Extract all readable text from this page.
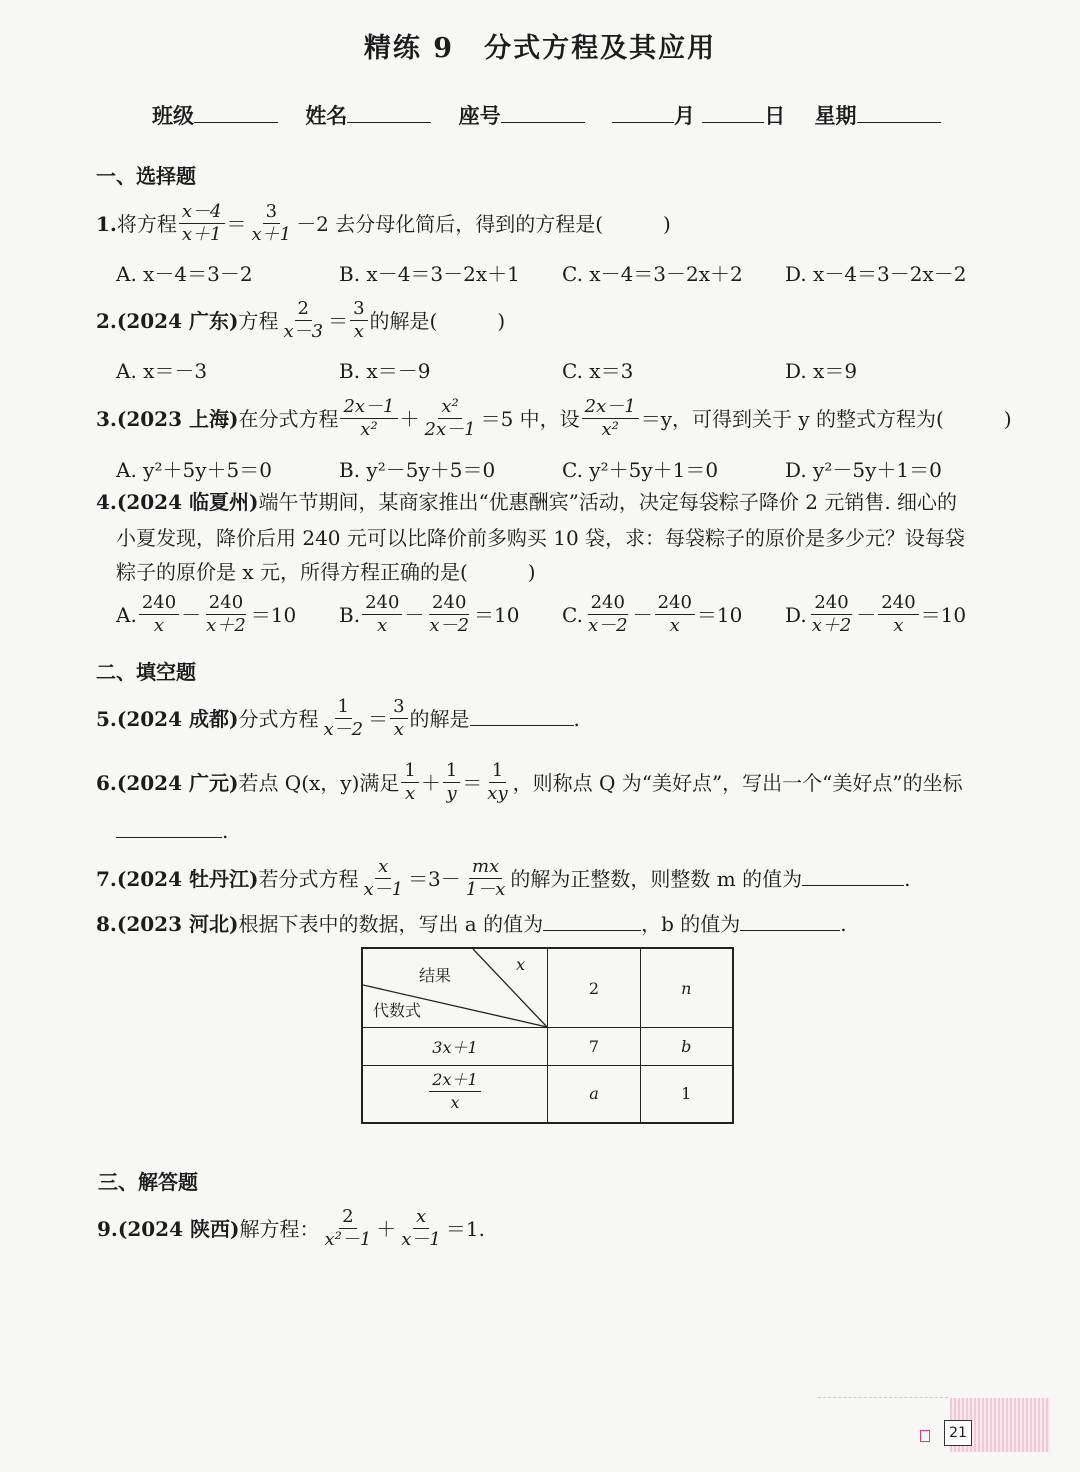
精练 9 分式方程及其应用
班级	姓名	座号	月	日 星期
一、选择题
1.将方程 $\frac{x-4}{x+1} = \frac{3}{x+1} -2$ 去分母化简后，得到的方程是(　　　)
A. x－4＝3－2	B. x－4＝3－2x＋1 C. x－4＝3－2x＋2 D. x－4＝3－2x－2
2.(2024 广东)方程 $\frac{2}{x-3} = \frac{3}{x}$ 的解是(　　　)
A. x＝－3	B. x＝－9	C. x＝3	D. x＝9
3.(2023 上海)在分式方程 $\frac{2x-1}{\text{x²}} + \frac{\text{x²}}{2x-1} =5$ 中，设 $\frac{2x-1}{\text{x²}} =y$，可得到关于 y 的整式方程为(　　　)
A. y²＋5y＋5＝0	B. y²－5y＋5＝0	C. y²＋5y＋1＝0	D. y²－5y＋1＝0
4.(2024 临夏州)端午节期间，某商家推出“优惠酬宾”活动，决定每袋粽子降价 2 元销售. 细心的
小夏发现，降价后用 240 元可以比降价前多购买 10 袋，求：每袋粽子的原价是多少元？设每袋
粽子的原价是 x 元，所得方程正确的是(　　　)
A. $\frac{240}{x} - \frac{240}{x+2} =10$ B. $\frac{240}{x} - \frac{240}{x-2} =10$ C. $\frac{240}{x-2} - \frac{240}{x} =10$ D. $\frac{240}{x+2} - \frac{240}{x} =10$
二、填空题
5.(2024 成都)分式方程 $\frac{1}{x-2} = \frac{3}{x}$ 的解是	.
6.(2024 广元)若点 Q(x，y)满足 $\frac{1}{x} + \frac{1}{y} = \frac{1}{xy}$ ，则称点 Q 为“美好点”，写出一个“美好点”的坐标
.
7.(2024 牡丹江)若分式方程 $\frac{x}{x-1} =3- \frac{mx}{1-x}$ 的解为正整数，则整数 m 的值为	.
8.(2023 河北)根据下表中的数据，写出 a 的值为	，b 的值为	.
x
结果
代数式	2	n
3x＋1	7	b

$\frac{2x+1}{x}$	a	1
三、解答题
9.(2024 陕西)解方程： $\frac{2}{\text{x²－1}} + \frac{x}{x-1} =1$.
21
